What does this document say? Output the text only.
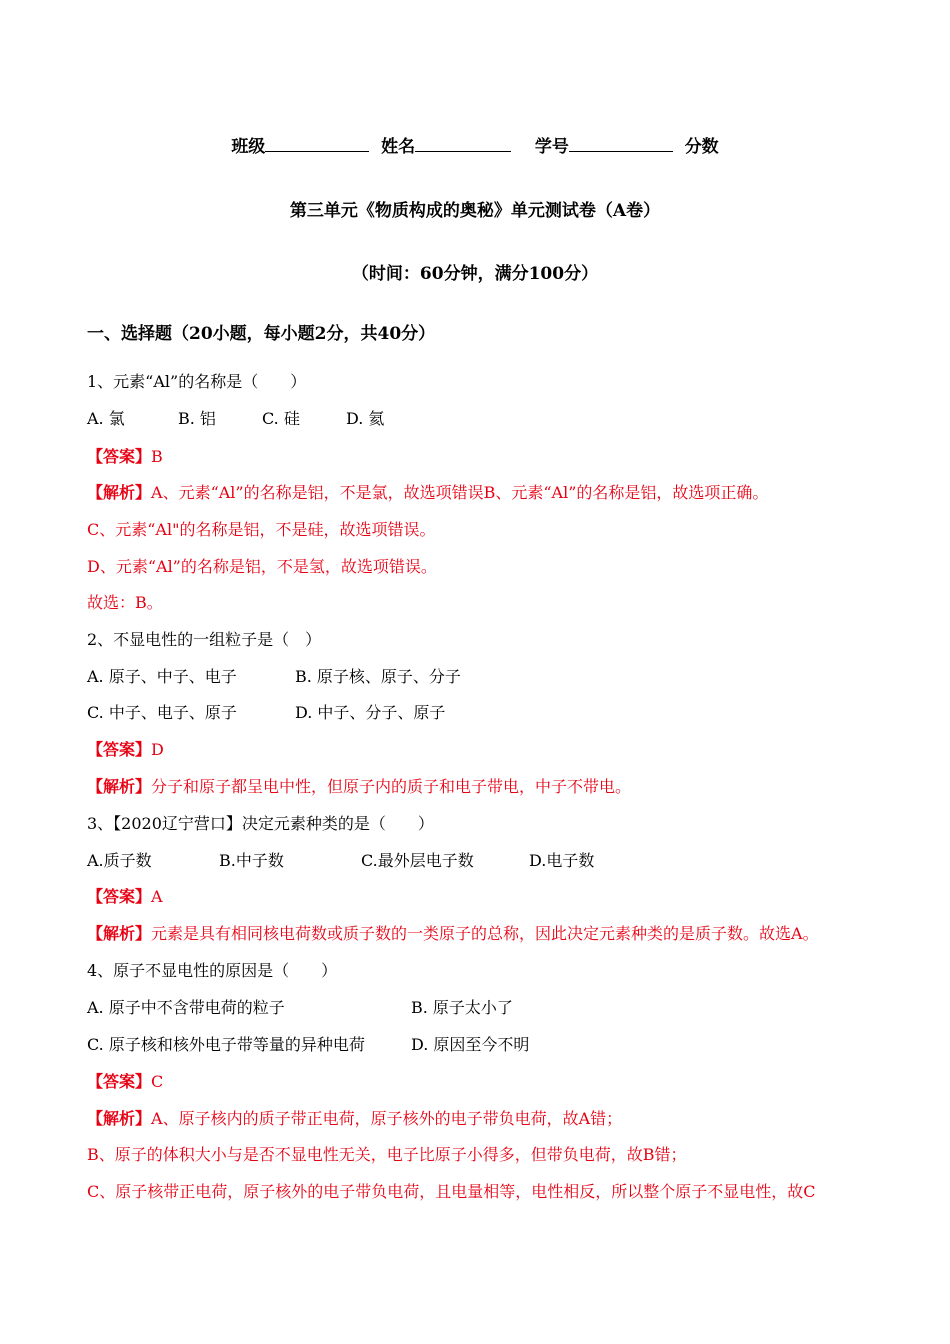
班级	姓名	学号	分数
第三单元《物质构成的奥秘》单元测试卷（A卷）
（时间：60分钟，满分100分）
一、选择题（20小题，每小题2分，共40分）
1、元素“Al”的名称是（　　）
A. 氯	B. 铝	C. 硅	D. 氦
【答案】B
【解析】A、元素“Al”的名称是铝，不是氯，故选项错误B、元素“Al”的名称是铝，故选项正确。
C、元素“Al"的名称是铝，不是硅，故选项错误。
D、元素“Al”的名称是铝，不是氢，故选项错误。
故选：B。
2、不显电性的一组粒子是（　）
A. 原子、中子、电子	B. 原子核、原子、分子
C. 中子、电子、原子	D. 中子、分子、原子
【答案】D
【解析】分子和原子都呈电中性，但原子内的质子和电子带电，中子不带电。
3、【2020辽宁营口】决定元素种类的是（　　）
A.质子数	B.中子数	C.最外层电子数	D.电子数
【答案】A
【解析】元素是具有相同核电荷数或质子数的一类原子的总称，因此决定元素种类的是质子数。故选A。
4、原子不显电性的原因是（　　）
A. 原子中不含带电荷的粒子	B. 原子太小了
C. 原子核和核外电子带等量的异种电荷	D. 原因至今不明
【答案】C
【解析】A、原子核内的质子带正电荷，原子核外的电子带负电荷，故A错；
B、原子的体积大小与是否不显电性无关，电子比原子小得多，但带负电荷，故B错；
C、原子核带正电荷，原子核外的电子带负电荷，且电量相等，电性相反，所以整个原子不显电性，故C
